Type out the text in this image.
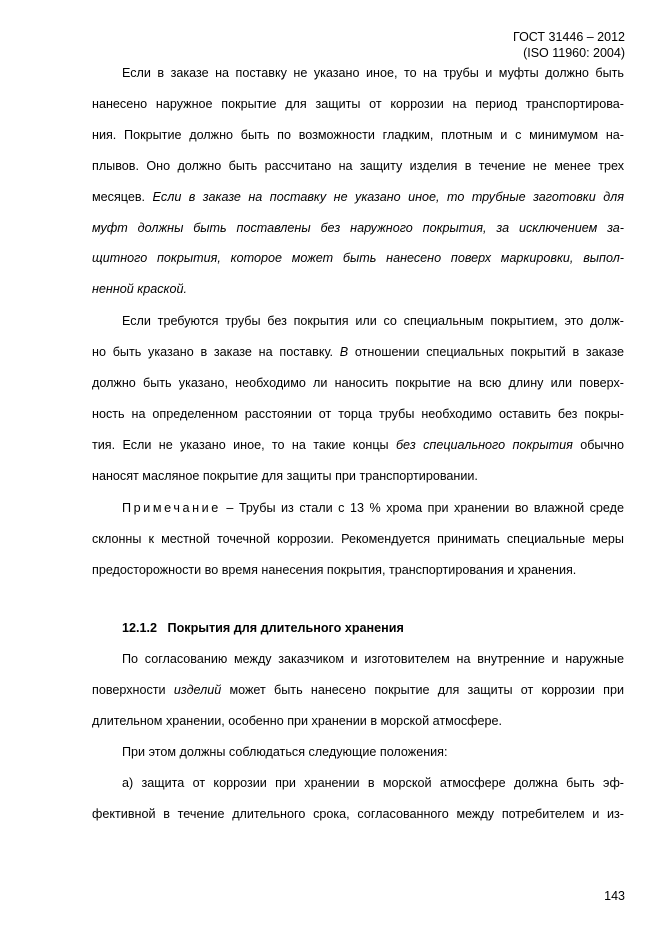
ГОСТ 31446 – 2012
(ISO 11960: 2004)
Если в заказе на поставку не указано иное, то на трубы и муфты должно быть
нанесено наружное покрытие для защиты от коррозии на период транспортирова-
ния. Покрытие должно быть по возможности гладким, плотным и с минимумом на-
плывов. Оно должно быть рассчитано на защиту изделия в течение не менее трех
месяцев. Если в заказе на поставку не указано иное, то трубные заготовки для
муфт должны быть поставлены без наружного покрытия, за исключением за-
щитного покрытия, которое может быть нанесено поверх маркировки, выпол-
ненной краской.
Если требуются трубы без покрытия или со специальным покрытием, это долж-
но быть указано в заказе на поставку. В отношении специальных покрытий в заказе
должно быть указано, необходимо ли наносить покрытие на всю длину или поверх-
ность на определенном расстоянии от торца трубы необходимо оставить без покры-
тия. Если не указано иное, то на такие концы без специального покрытия обычно
наносят масляное покрытие для защиты при транспортировании.
Примечание – Трубы из стали с 13 % хрома при хранении во влажной среде
склонны к местной точечной коррозии. Рекомендуется принимать специальные меры
предосторожности во время нанесения покрытия, транспортирования и хранения.
12.1.2 Покрытия для длительного хранения
По согласованию между заказчиком и изготовителем на внутренние и наружные
поверхности изделий может быть нанесено покрытие для защиты от коррозии при
длительном хранении, особенно при хранении в морской атмосфере.
При этом должны соблюдаться следующие положения:
а) защита от коррозии при хранении в морской атмосфере должна быть эф-
фективной в течение длительного срока, согласованного между потребителем и из-
143
